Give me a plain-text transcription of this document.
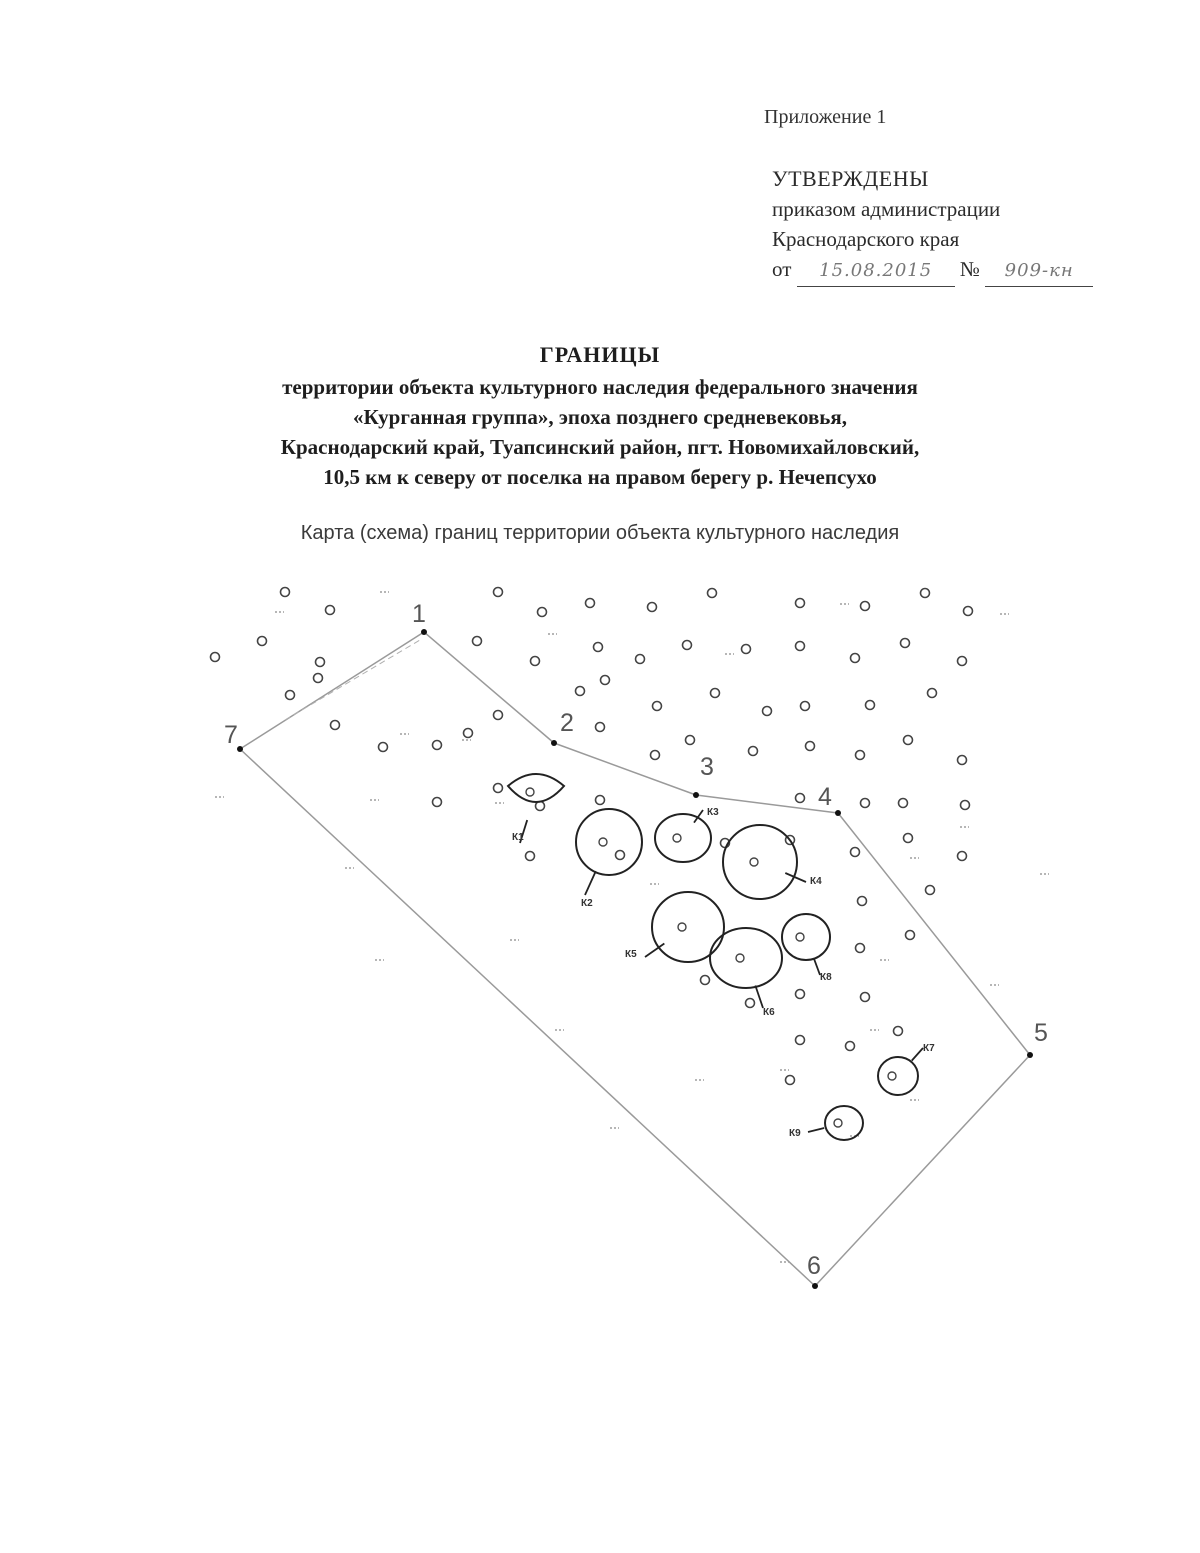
Приложение 1
УТВЕРЖДЕНЫ
приказом администрации
Краснодарского края
от 15.08.2015 № 909-кн
ГРАНИЦЫ
территории объекта культурного наследия федерального значения
«Курганная группа», эпоха позднего средневековья,
Краснодарский край, Туапсинский район, пгт. Новомихайловский,
10,5 км к северу от поселка на правом берегу р. Нечепсухо
Карта (схема) границ территории объекта культурного наследия
К1
К2
К3
К4
К5
К6
К7
К8
К9
1
2
3
4
5
6
7
